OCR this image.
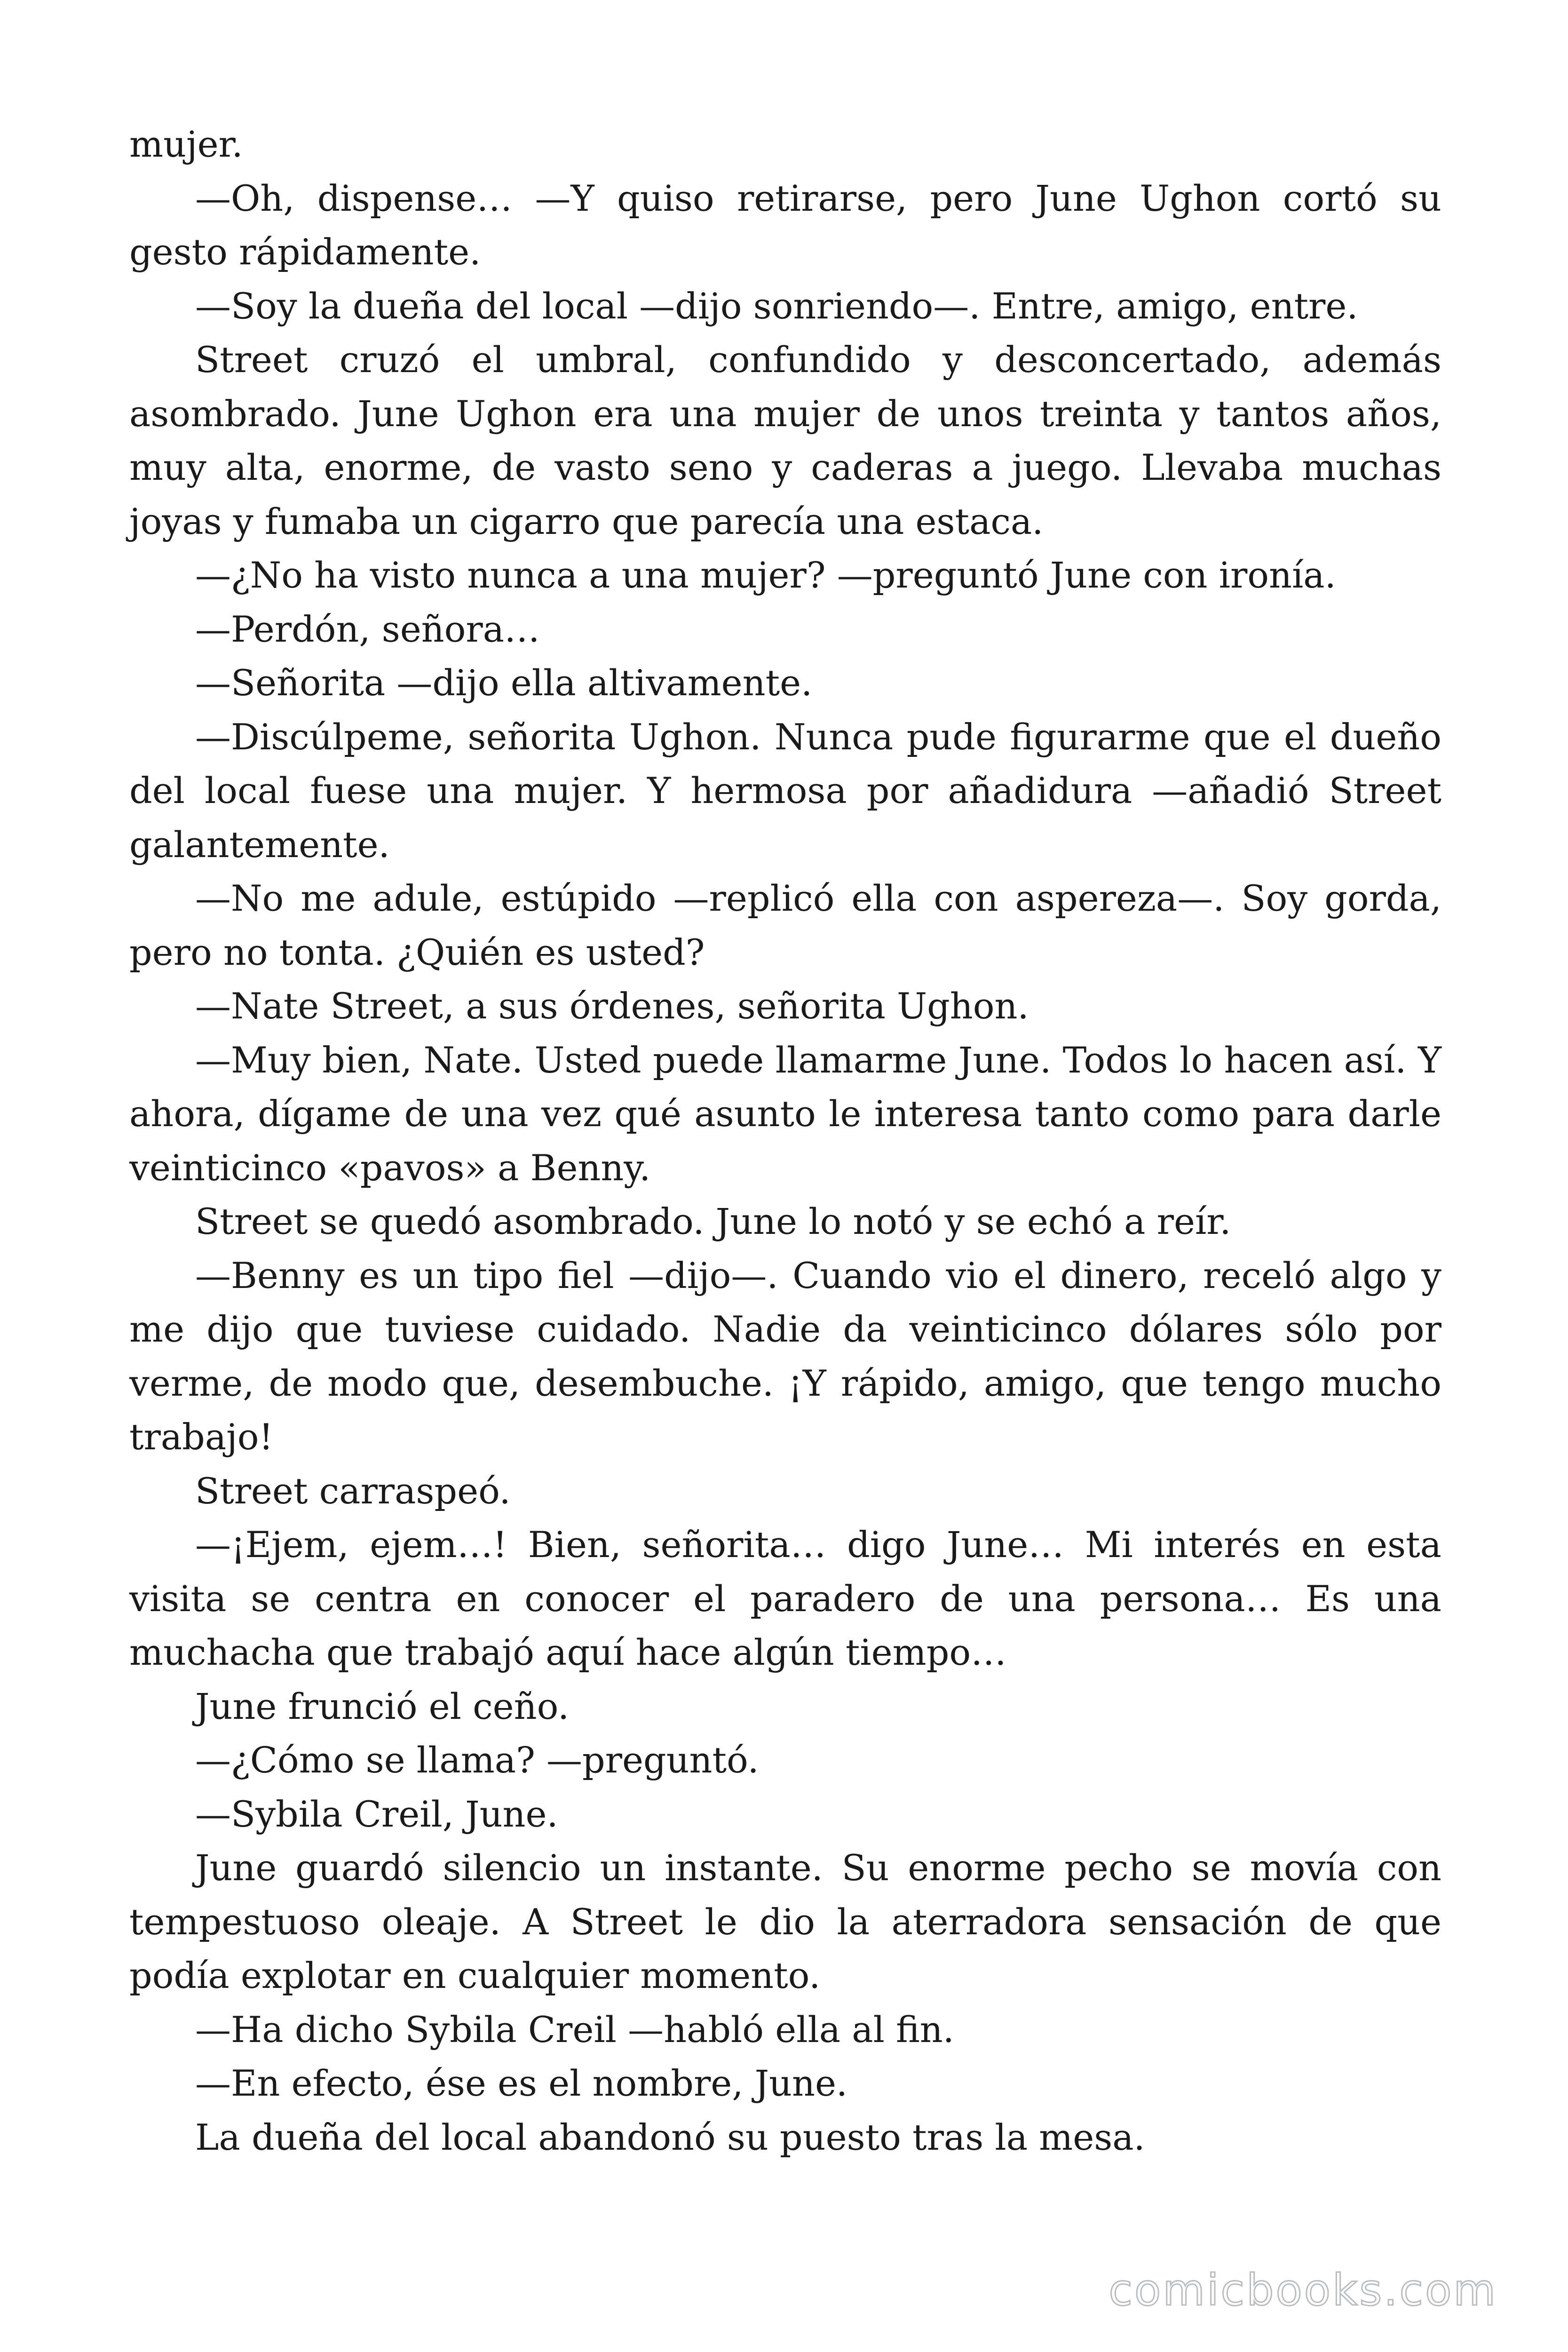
mujer.

—Oh, dispense… —Y quiso retirarse, pero June Ughon cortó su gesto rápidamente.

—Soy la dueña del local —dijo sonriendo—. Entre, amigo, entre.

Street cruzó el umbral, confundido y desconcertado, además asombrado. June Ughon era una mujer de unos treinta y tantos años, muy alta, enorme, de vasto seno y caderas a juego. Llevaba muchas joyas y fumaba un cigarro que parecía una estaca.

—¿No ha visto nunca a una mujer? —preguntó June con ironía.

—Perdón, señora…

—Señorita —dijo ella altivamente.

—Discúlpeme, señorita Ughon. Nunca pude figurarme que el dueño del local fuese una mujer. Y hermosa por añadidura —añadió Street galantemente.

—No me adule, estúpido —replicó ella con aspereza—. Soy gorda, pero no tonta. ¿Quién es usted?

—Nate Street, a sus órdenes, señorita Ughon.

—Muy bien, Nate. Usted puede llamarme June. Todos lo hacen así. Y ahora, dígame de una vez qué asunto le interesa tanto como para darle veinticinco «pavos» a Benny.

Street se quedó asombrado. June lo notó y se echó a reír.

—Benny es un tipo fiel —dijo—. Cuando vio el dinero, receló algo y me dijo que tuviese cuidado. Nadie da veinticinco dólares sólo por verme, de modo que, desembuche. ¡Y rápido, amigo, que tengo mucho trabajo!

Street carraspeó.

—¡Ejem, ejem…! Bien, señorita… digo June… Mi interés en esta visita se centra en conocer el paradero de una persona… Es una muchacha que trabajó aquí hace algún tiempo…

June frunció el ceño.

—¿Cómo se llama? —preguntó.

—Sybila Creil, June.

June guardó silencio un instante. Su enorme pecho se movía con tempestuoso oleaje. A Street le dio la aterradora sensación de que podía explotar en cualquier momento.

—Ha dicho Sybila Creil —habló ella al fin.

—En efecto, ése es el nombre, June.

La dueña del local abandonó su puesto tras la mesa.

comicbooks.com
